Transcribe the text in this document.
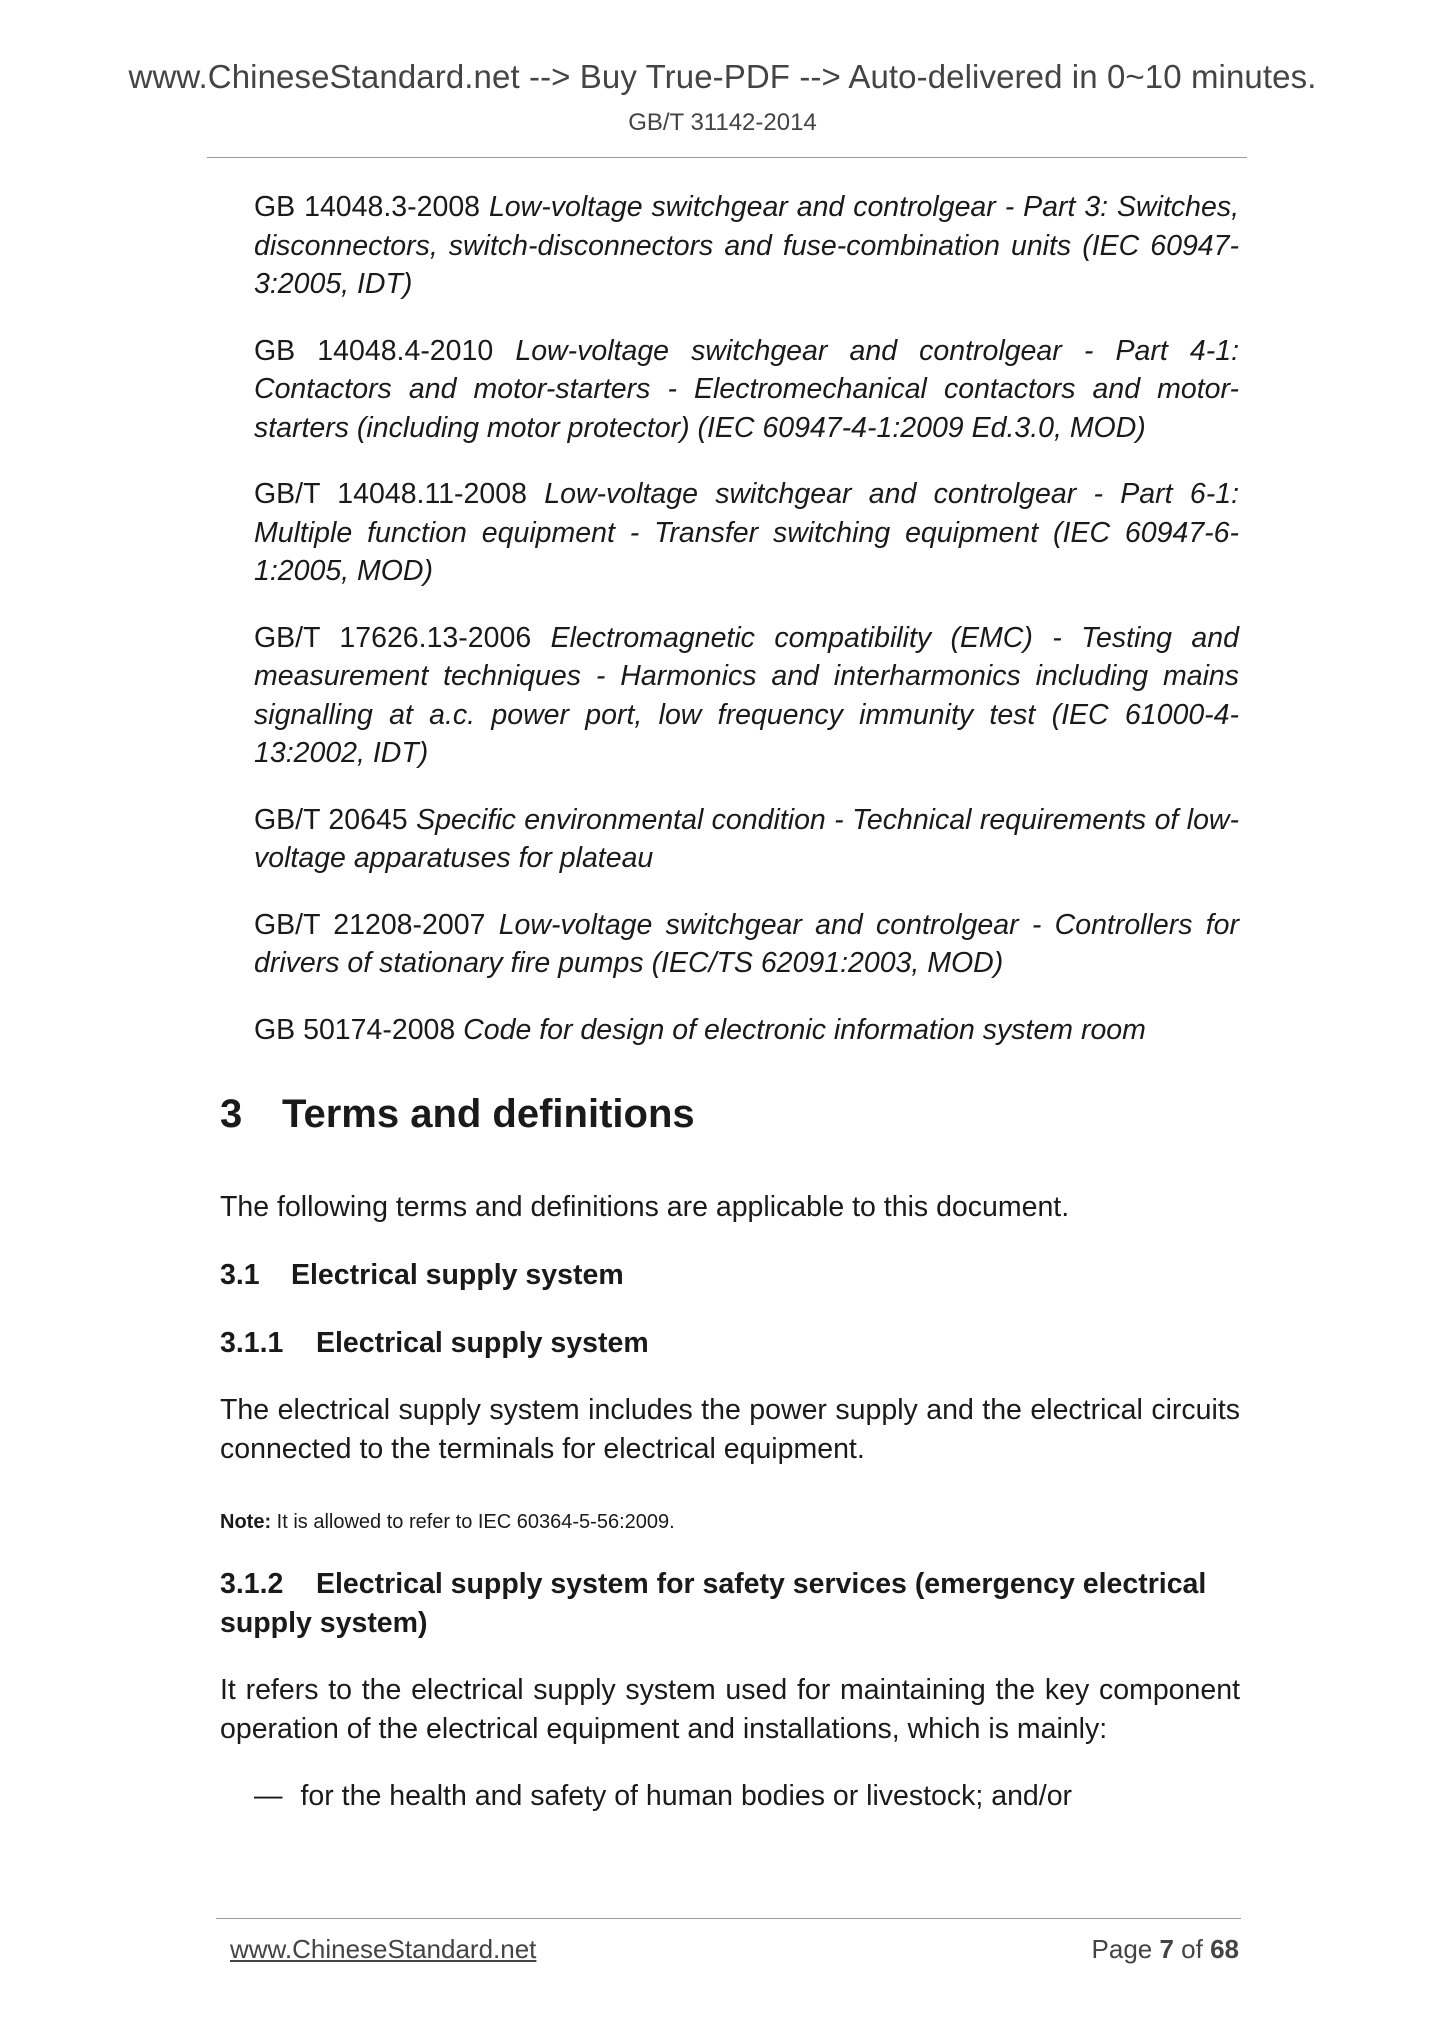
www.ChineseStandard.net --> Buy True-PDF --> Auto-delivered in 0~10 minutes.
GB/T 31142-2014

GB 14048.3-2008 Low-voltage switchgear and controlgear - Part 3: Switches, disconnectors, switch-disconnectors and fuse-combination units (IEC 60947-3:2005, IDT)

GB 14048.4-2010 Low-voltage switchgear and controlgear - Part 4-1: Contactors and motor-starters - Electromechanical contactors and motor-starters (including motor protector) (IEC 60947-4-1:2009 Ed.3.0, MOD)

GB/T 14048.11-2008 Low-voltage switchgear and controlgear - Part 6-1: Multiple function equipment - Transfer switching equipment (IEC 60947-6-1:2005, MOD)

GB/T 17626.13-2006 Electromagnetic compatibility (EMC) - Testing and measurement techniques - Harmonics and interharmonics including mains signalling at a.c. power port, low frequency immunity test (IEC 61000-4-13:2002, IDT)

GB/T 20645 Specific environmental condition - Technical requirements of low-voltage apparatuses for plateau

GB/T 21208-2007 Low-voltage switchgear and controlgear - Controllers for drivers of stationary fire pumps (IEC/TS 62091:2003, MOD)

GB 50174-2008 Code for design of electronic information system room

3 Terms and definitions
The following terms and definitions are applicable to this document.
3.1 Electrical supply system
3.1.1 Electrical supply system
The electrical supply system includes the power supply and the electrical circuits connected to the terminals for electrical equipment.
Note: It is allowed to refer to IEC 60364-5-56:2009.
3.1.2 Electrical supply system for safety services (emergency electrical supply system)
It refers to the electrical supply system used for maintaining the key component operation of the electrical equipment and installations, which is mainly:
— for the health and safety of human bodies or livestock; and/or
www.ChineseStandard.net	Page 7 of 68
